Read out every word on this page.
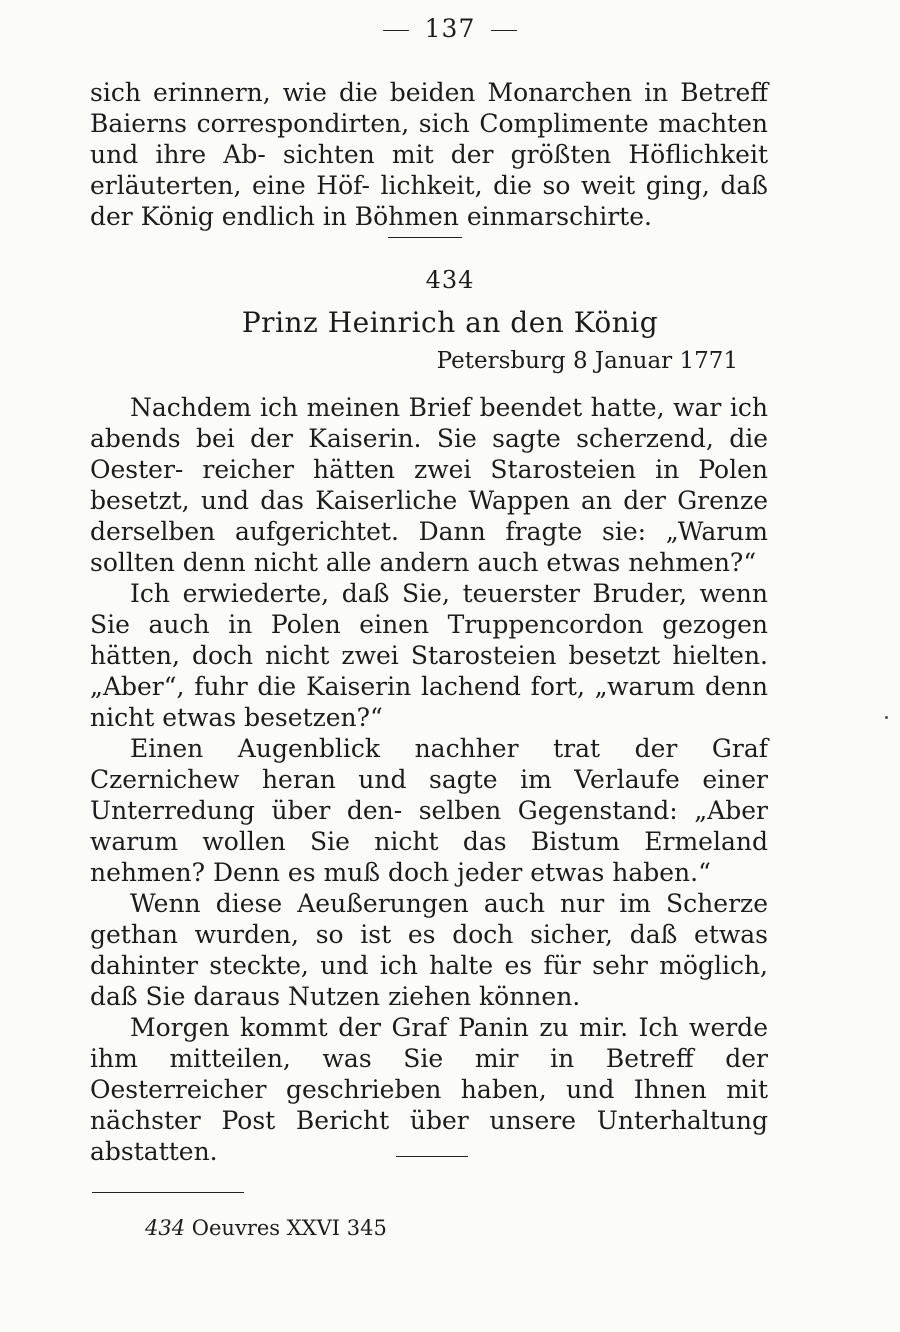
137
sich erinnern, wie die beiden Monarchen in Betreff Baierns correspondirten, sich Complimente machten und ihre Ab- sichten mit der größten Höflichkeit erläuterten, eine Höf- lichkeit, die so weit ging, daß der König endlich in Böhmen einmarschirte.
434
Prinz Heinrich an den König
Petersburg 8 Januar 1771

Nachdem ich meinen Brief beendet hatte, war ich abends bei der Kaiserin. Sie sagte scherzend, die Oester- reicher hätten zwei Starosteien in Polen besetzt, und das Kaiserliche Wappen an der Grenze derselben aufgerichtet. Dann fragte sie: „Warum sollten denn nicht alle andern auch etwas nehmen?“

Ich erwiederte, daß Sie, teuerster Bruder, wenn Sie auch in Polen einen Truppencordon gezogen hätten, doch nicht zwei Starosteien besetzt hielten. „Aber“, fuhr die Kaiserin lachend fort, „warum denn nicht etwas besetzen?“

Einen Augenblick nachher trat der Graf Czernichew heran und sagte im Verlaufe einer Unterredung über den- selben Gegenstand: „Aber warum wollen Sie nicht das Bistum Ermeland nehmen? Denn es muß doch jeder etwas haben.“

Wenn diese Aeußerungen auch nur im Scherze gethan wurden, so ist es doch sicher, daß etwas dahinter steckte, und ich halte es für sehr möglich, daß Sie daraus Nutzen ziehen können.

Morgen kommt der Graf Panin zu mir. Ich werde ihm mitteilen, was Sie mir in Betreff der Oesterreicher geschrieben haben, und Ihnen mit nächster Post Bericht über unsere Unterhaltung abstatten.

434 Oeuvres XXVI 345
